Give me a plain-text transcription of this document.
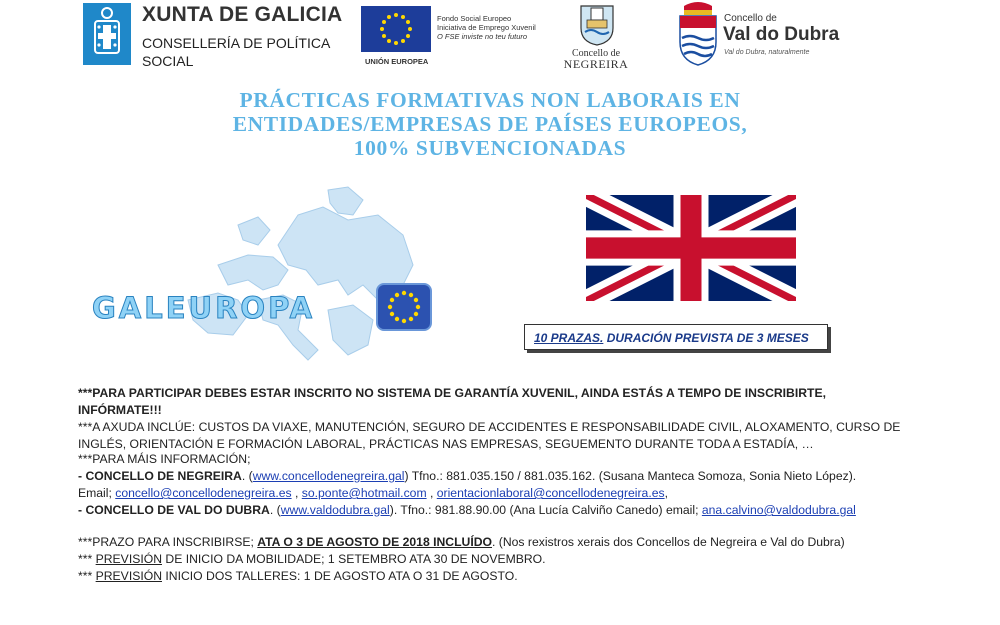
XUNTA DE GALICIA
CONSELLERÍA DE POLÍTICA
SOCIAL
Fondo Social Europeo
Iniciativa de Emprego Xuvenil
O FSE inviste no teu futuro
UNIÓN EUROPEA
Concello de
NEGREIRA
Concello de
Val do Dubra
Val do Dubra, naturalmente
PRÁCTICAS FORMATIVAS NON LABORAIS EN
ENTIDADES/EMPRESAS DE PAÍSES EUROPEOS,
100% SUBVENCIONADAS
GALEUROPA
10 PRAZAS. DURACIÓN PREVISTA DE 3 MESES

***PARA PARTICIPAR DEBES ESTAR INSCRITO NO SISTEMA DE GARANTÍA XUVENIL, AINDA ESTÁS A TEMPO DE INSCRIBIRTE, INFÓRMATE!!!

***A AXUDA INCLÚE: CUSTOS DA VIAXE, MANUTENCIÓN, SEGURO DE ACCIDENTES E RESPONSABILIDADE CIVIL, ALOXAMENTO, CURSO DE INGLÉS, ORIENTACIÓN E FORMACIÓN LABORAL, PRÁCTICAS NAS EMPRESAS, SEGUEMENTO DURANTE TODA A ESTADÍA, …

***PARA MÁIS INFORMACIÓN;

- CONCELLO DE NEGREIRA. (www.concellodenegreira.gal) Tfno.: 881.035.150 / 881.035.162. (Susana Manteca Somoza, Sonia Nieto López).

Email; concello@concellodenegreira.es , so.ponte@hotmail.com , orientacionlaboral@concellodenegreira.es,

- CONCELLO DE VAL DO DUBRA. (www.valdodubra.gal). Tfno.: 981.88.90.00 (Ana Lucía Calviño Canedo) email; ana.calvino@valdodubra.gal

***PRAZO PARA INSCRIBIRSE; ATA O 3 DE AGOSTO DE 2018 INCLUÍDO. (Nos rexistros xerais dos Concellos de Negreira e Val do Dubra)

*** PREVISIÓN DE INICIO DA MOBILIDADE; 1 SETEMBRO ATA 30 DE NOVEMBRO.

*** PREVISIÓN INICIO DOS TALLERES: 1 DE AGOSTO ATA O 31 DE AGOSTO.
